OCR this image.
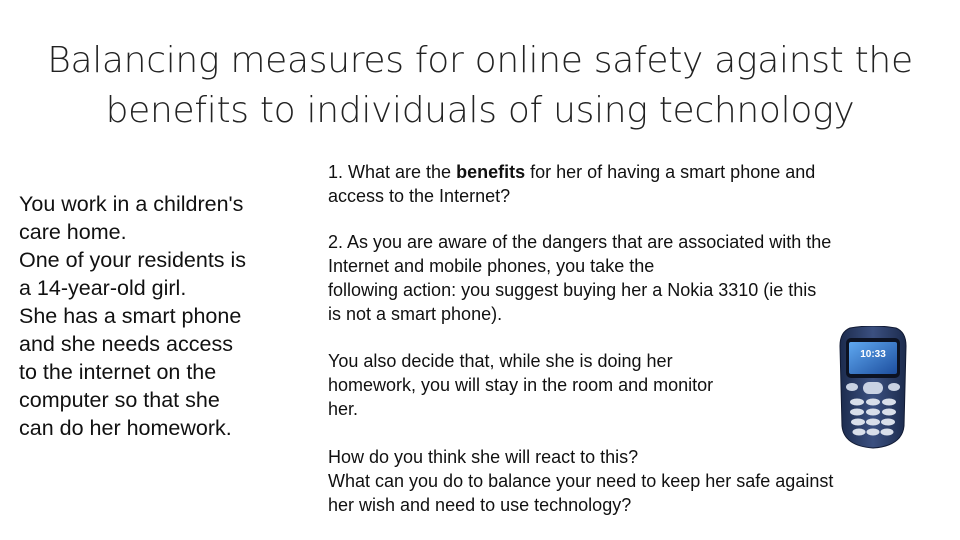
Balancing measures for online safety against the
benefits to individuals of using technology
You work in a children's
care home.
One of your residents is
a 14-year-old girl.
She has a smart phone
and she needs access
to the internet on the
computer so that she
can do her homework.
1. What are the benefits for her of having a smart phone and
access to the Internet?
2. As you are aware of the dangers that are associated with the
Internet and mobile phones, you take the
following action: you suggest buying her a Nokia 3310 (ie this
is not a smart phone).
You also decide that, while she is doing her
homework, you will stay in the room and monitor
her.
How do you think she will react to this?
What can you do to balance your need to keep her safe against
her wish and need to use technology?
10:33
